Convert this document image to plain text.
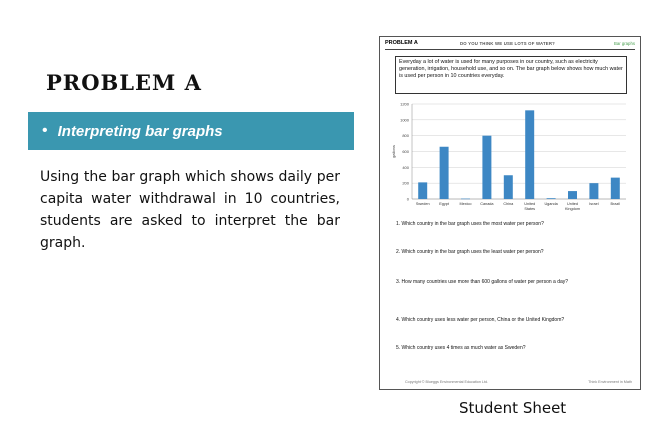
PROBLEM A
• Interpreting bar graphs

Using the bar graph which shows daily per capita water withdrawal in 10 countries, students are asked to interpret the bar graph.

PROBLEM A	DO YOU THINK WE USE LOTS OF WATER?	Bar graphs
Everyday a lot of water is used for many purposes in our country, such as electricity generation, irrigation, household use, and so on. The bar graph below shows how much water is used per person in 10 countries everyday.
0
200
400
600
800
1000
1200
gallons
Sweden	Egypt	Mexico Canada	China	United
States
Uganda United
Kingdom
Israel	Brazil

1. Which country in the bar graph uses the most water per person?

2. Which country in the bar graph uses the least water per person?

3. How many countries use more than 600 gallons of water per person a day?

4. Which country uses less water per person, China or the United Kingdom?

5. Which country uses 4 times as much water as Sweden?

Copyright © Blueggs Environmental Education Ltd.	Think Environment in Math
Student Sheet
